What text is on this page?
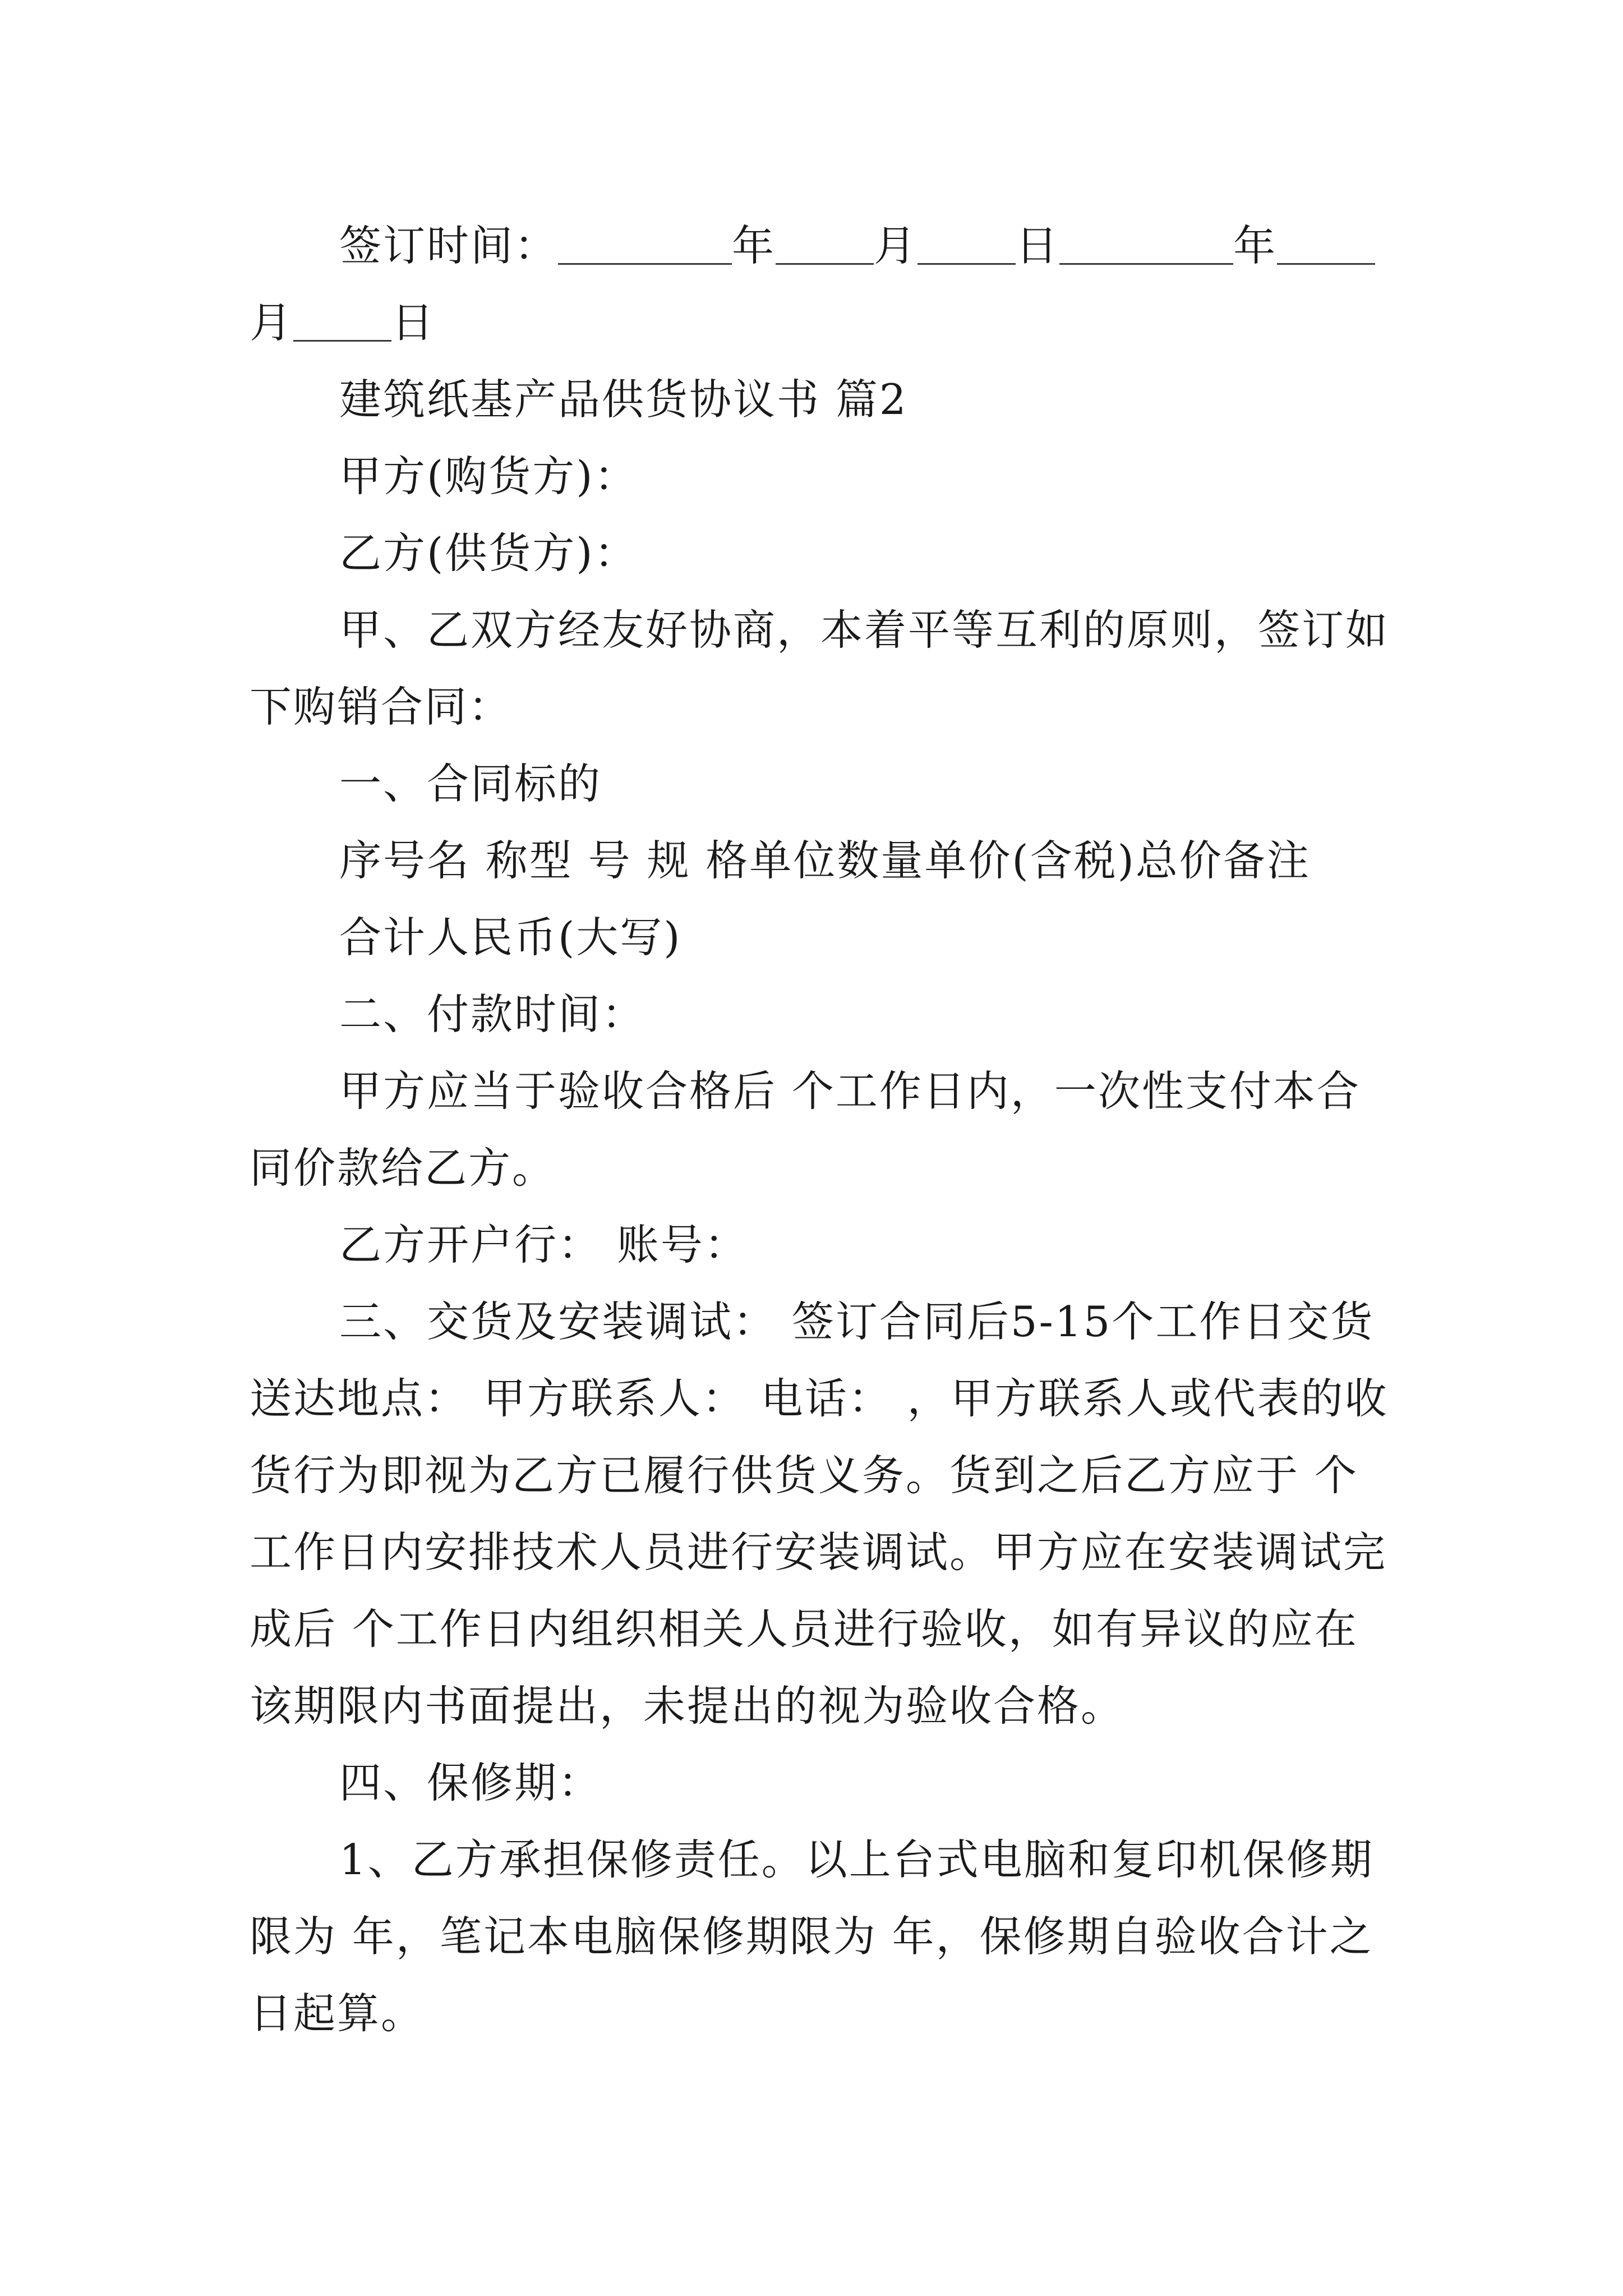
签订时间：	年 月 日	年月 日

建筑纸基产品供货协议书 篇2

甲方(购货方)：

乙方(供货方)：

甲、乙双方经友好协商，本着平等互利的原则，签订如下购销合同：

一、合同标的

序号名 称型 号 规 格单位数量单价(含税)总价备注

合计人民币(大写)

二、付款时间：

甲方应当于验收合格后 个工作日内，一次性支付本合同价款给乙方。

乙方开户行： 账号：

三、交货及安装调试： 签订合同后5-15个工作日交货送达地点： 甲方联系人： 电话： ，甲方联系人或代表的收货行为即视为乙方已履行供货义务。货到之后乙方应于 个工作日内安排技术人员进行安装调试。甲方应在安装调试完成后 个工作日内组织相关人员进行验收，如有异议的应在该期限内书面提出，未提出的视为验收合格。

四、保修期：

1、乙方承担保修责任。以上台式电脑和复印机保修期限为 年，笔记本电脑保修期限为 年，保修期自验收合计之日起算。
